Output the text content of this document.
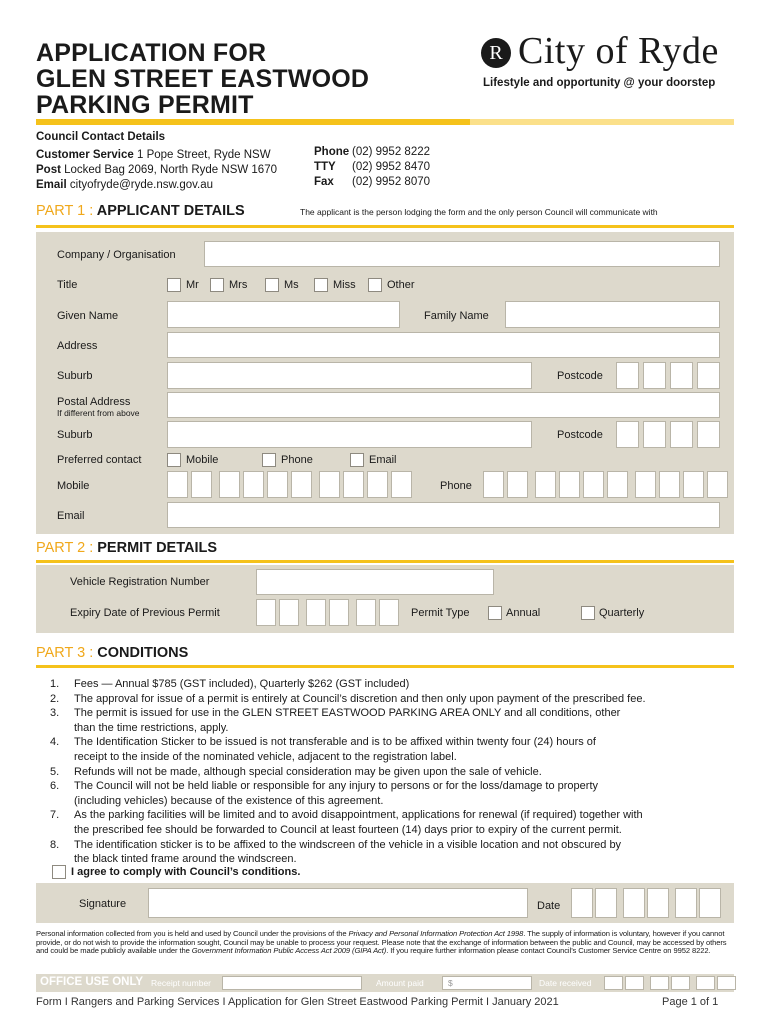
APPLICATION FOR
GLEN STREET EASTWOOD
PARKING PERMIT
R City of Ryde
Lifestyle and opportunity @ your doorstep
Council Contact Details
Customer Service 1 Pope Street, Ryde NSW
Post Locked Bag 2069, North Ryde NSW 1670
Email cityofryde@ryde.nsw.gov.au
Phone (02) 9952 8222
TTY (02) 9952 8470
Fax (02) 9952 8070
PART 1 : APPLICANT DETAILS	The applicant is the person lodging the form and the only person Council will communicate with
Company / Organisation
Title	Mr	Mrs	Ms	Miss	Other
Given Name	Family Name
Address
Suburb	Postcode
Postal Address
If different from above
Suburb	Postcode
Preferred contact	Mobile	Phone	Email
Mobile	Phone
Email
PART 2 : PERMIT DETAILS
Vehicle Registration Number
Expiry Date of Previous Permit	Permit Type	Annual	Quarterly
PART 3 : CONDITIONS
1.	Fees — Annual $785 (GST included), Quarterly $262 (GST included)
2.	The approval for issue of a permit is entirely at Council’s discretion and then only upon payment of the prescribed fee.
3.	The permit is issued for use in the GLEN STREET EASTWOOD PARKING AREA ONLY and all conditions, other
than the time restrictions, apply.
4.	The Identification Sticker to be issued is not transferable and is to be affixed within twenty four (24) hours of
receipt to the inside of the nominated vehicle, adjacent to the registration label.
5.	Refunds will not be made, although special consideration may be given upon the sale of vehicle.
6.	The Council will not be held liable or responsible for any injury to persons or for the loss/damage to property
(including vehicles) because of the existence of this agreement.
7.	As the parking facilities will be limited and to avoid disappointment, applications for renewal (if required) together with
the prescribed fee should be forwarded to Council at least fourteen (14) days prior to expiry of the current permit.
8.	The identification sticker is to be affixed to the windscreen of the vehicle in a visible location and not obscured by
the black tinted frame around the windscreen.
I agree to comply with Council’s conditions.
Signature	Date
Personal information collected from you is held and used by Council under the provisions of the Privacy and Personal Information Protection Act 1998. The supply of information is voluntary, however if you cannot provide, or do not wish to provide the information sought, Council may be unable to process your request. Please note that the exchange of information between the public and Council, may be accessed by others and could be made publicly available under the Government Information Public Access Act 2009 (GIPA Act). If you require further information please contact Council’s Customer Service Centre on 9952 8222.
OFFICE USE ONLY Receipt number	Amount paid	$	Date received
Form I Rangers and Parking Services I Application for Glen Street Eastwood Parking Permit I January 2021	Page 1 of 1
